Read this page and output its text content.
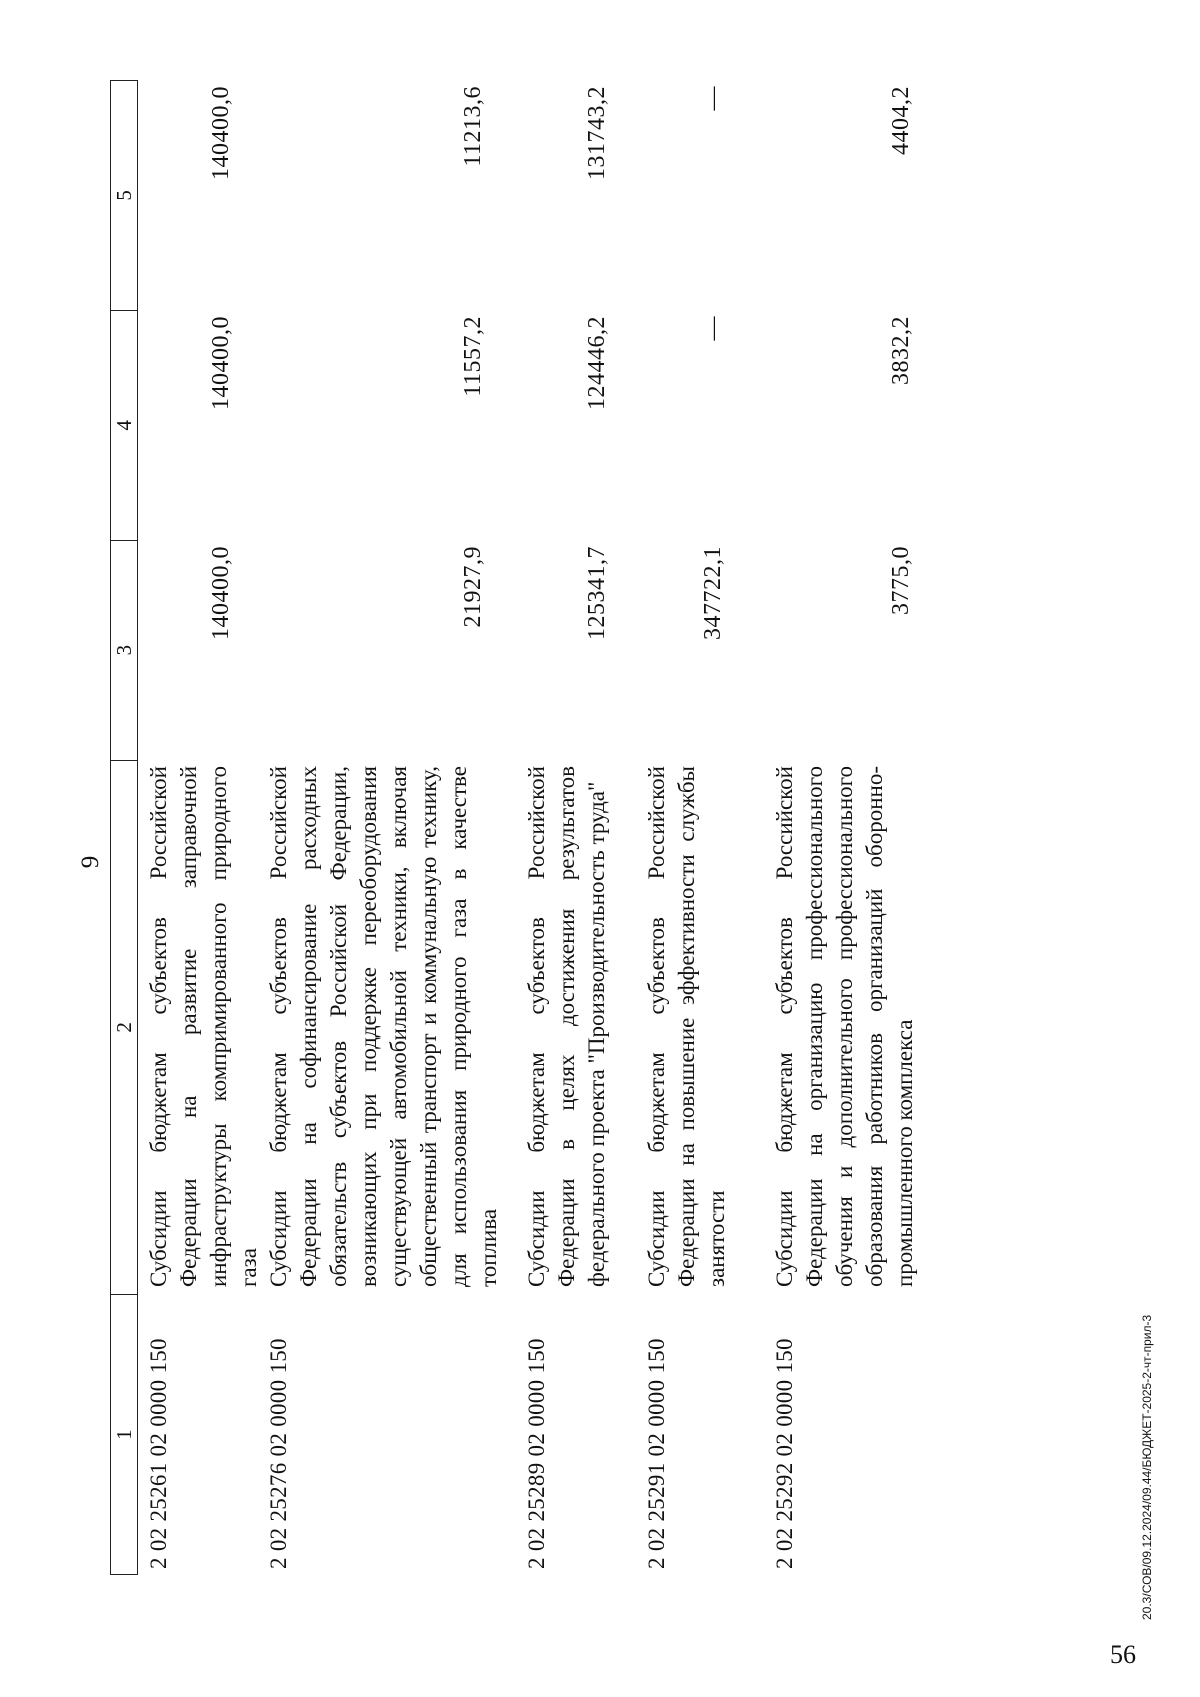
9
1
2
3
4
5
2 02 25261 02 0000 150
Субсидии бюджетам субъектов Российской Федерации на развитие заправочной инфраструктуры компримированного природного газа
140400,0
140400,0
140400,0
2 02 25276 02 0000 150
Субсидии бюджетам субъектов Российской Федерации на софинансирование расходных обязательств субъектов Российской Федерации, возникающих при поддержке переоборудования существующей автомобильной техники, включая общественный транспорт и коммунальную технику, для использования природного газа в качестве топлива
21927,9
11557,2
11213,6
2 02 25289 02 0000 150
Субсидии бюджетам субъектов Российской Федерации в целях достижения результатов федерального проекта "Производительность труда"
125341,7
124446,2
131743,2
2 02 25291 02 0000 150
Субсидии бюджетам субъектов Российской Федерации на повышение эффективности службы занятости
347722,1
—
—
2 02 25292 02 0000 150
Субсидии бюджетам субъектов Российской Федерации на организацию профессионального обучения и дополнительного профессионального образования работников организаций оборонно-промышленного комплекса
3775,0
3832,2
4404,2
20.3/СОВ/09.12.2024/09.44/БЮДЖЕТ-2025-2-чт-прил-3
56
